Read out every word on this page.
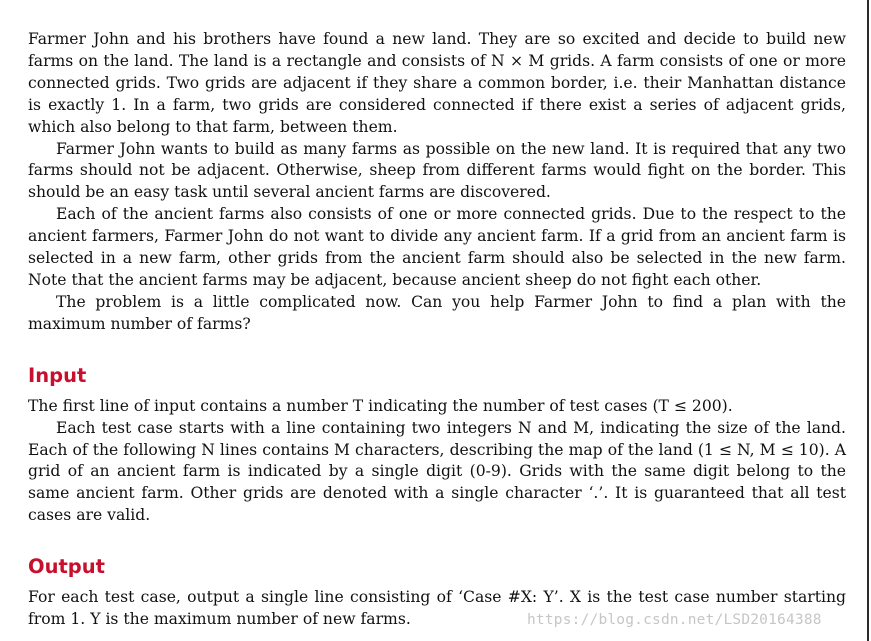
Farmer John and his brothers have found a new land. They are so excited and decide to build new farms on the land. The land is a rectangle and consists of N × M grids. A farm consists of one or more connected grids. Two grids are adjacent if they share a common border, i.e. their Manhattan distance is exactly 1. In a farm, two grids are considered connected if there exist a series of adjacent grids, which also belong to that farm, between them.

Farmer John wants to build as many farms as possible on the new land. It is required that any two farms should not be adjacent. Otherwise, sheep from different farms would fight on the border. This should be an easy task until several ancient farms are discovered.

Each of the ancient farms also consists of one or more connected grids. Due to the respect to the ancient farmers, Farmer John do not want to divide any ancient farm. If a grid from an ancient farm is selected in a new farm, other grids from the ancient farm should also be selected in the new farm. Note that the ancient farms may be adjacent, because ancient sheep do not fight each other.

The problem is a little complicated now. Can you help Farmer John to find a plan with the maximum number of farms?

Input

The first line of input contains a number T indicating the number of test cases (T ≤ 200).

Each test case starts with a line containing two integers N and M, indicating the size of the land. Each of the following N lines contains M characters, describing the map of the land (1 ≤ N, M ≤ 10). A grid of an ancient farm is indicated by a single digit (0-9). Grids with the same digit belong to the same ancient farm. Other grids are denoted with a single character ‘.’. It is guaranteed that all test cases are valid.

Output

For each test case, output a single line consisting of ‘Case #X: Y’. X is the test case number starting from 1. Y is the maximum number of new farms.	https://blog.csdn.net/LSD20164388
